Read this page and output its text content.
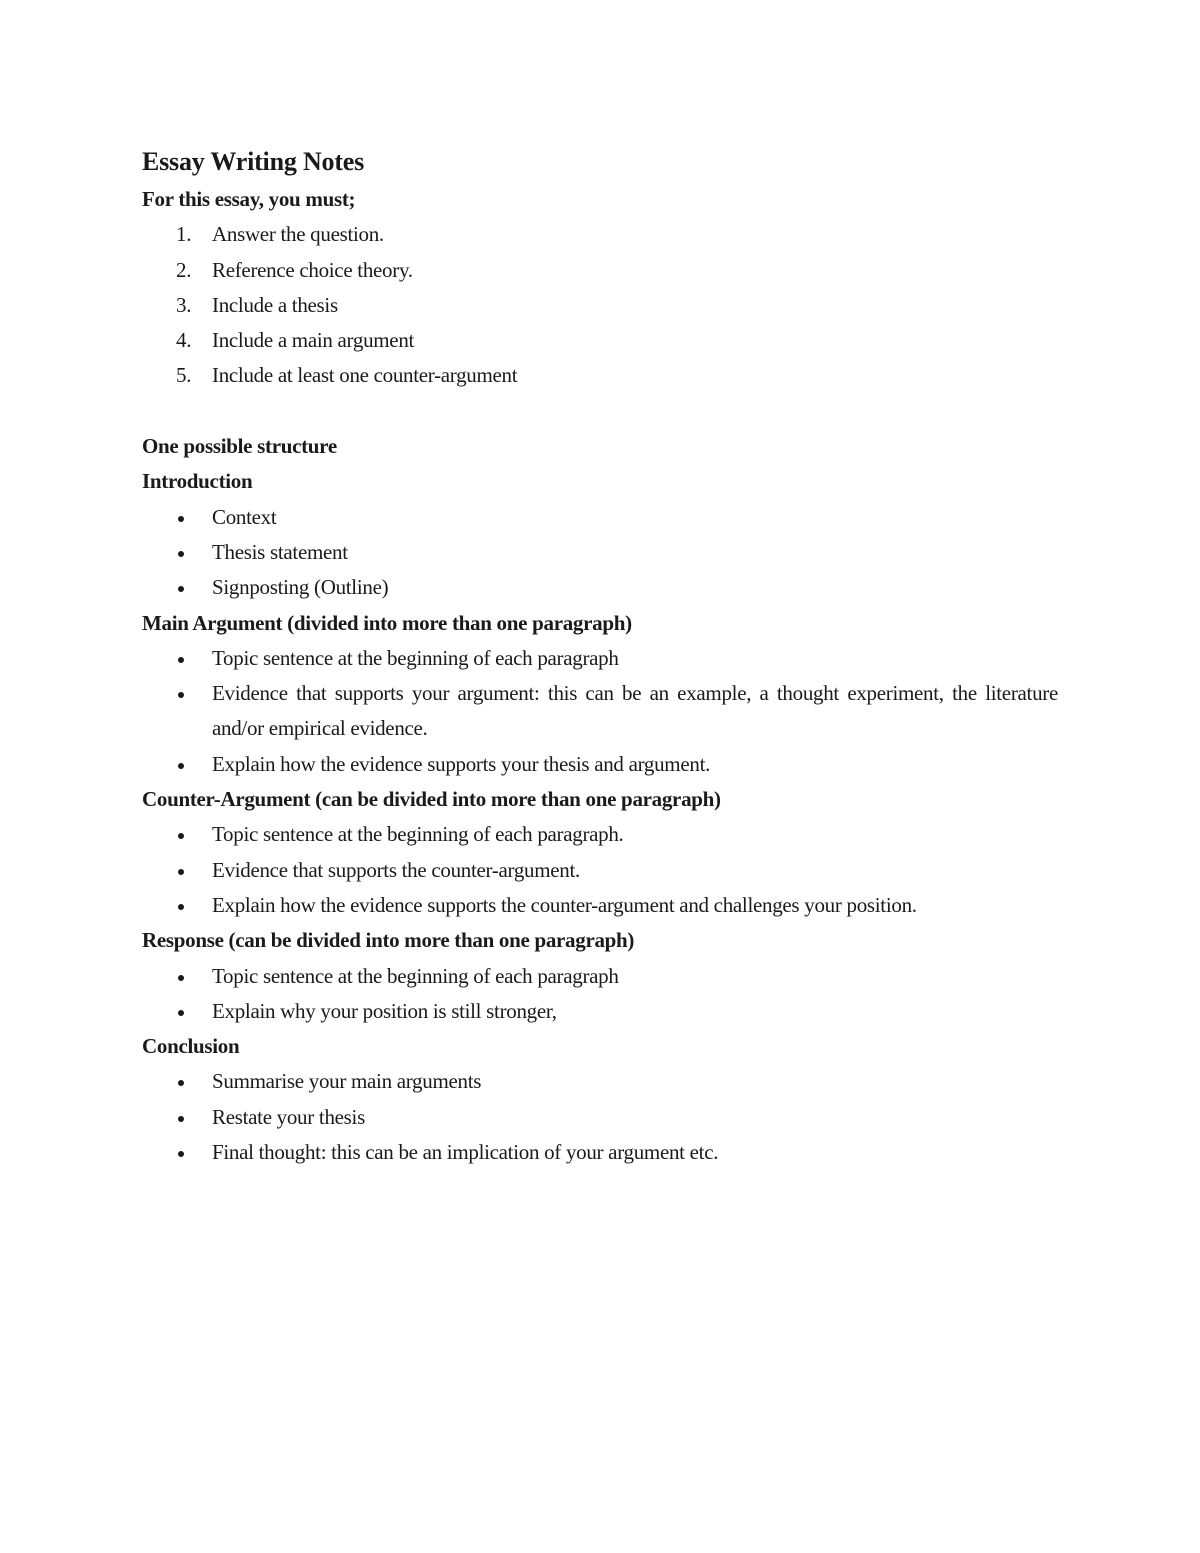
Essay Writing Notes

For this essay, you must;

1. Answer the question.
2. Reference choice theory.
3. Include a thesis
4. Include a main argument
5. Include at least one counter-argument

One possible structure

Introduction

Context
Thesis statement
Signposting (Outline)

Main Argument (divided into more than one paragraph)

Topic sentence at the beginning of each paragraph
Evidence that supports your argument: this can be an example, a thought experiment, the literature and/or empirical evidence.
Explain how the evidence supports your thesis and argument.

Counter-Argument (can be divided into more than one paragraph)

Topic sentence at the beginning of each paragraph.
Evidence that supports the counter-argument.
Explain how the evidence supports the counter-argument and challenges your position.

Response (can be divided into more than one paragraph)

Topic sentence at the beginning of each paragraph
Explain why your position is still stronger,

Conclusion

Summarise your main arguments
Restate your thesis
Final thought: this can be an implication of your argument etc.
